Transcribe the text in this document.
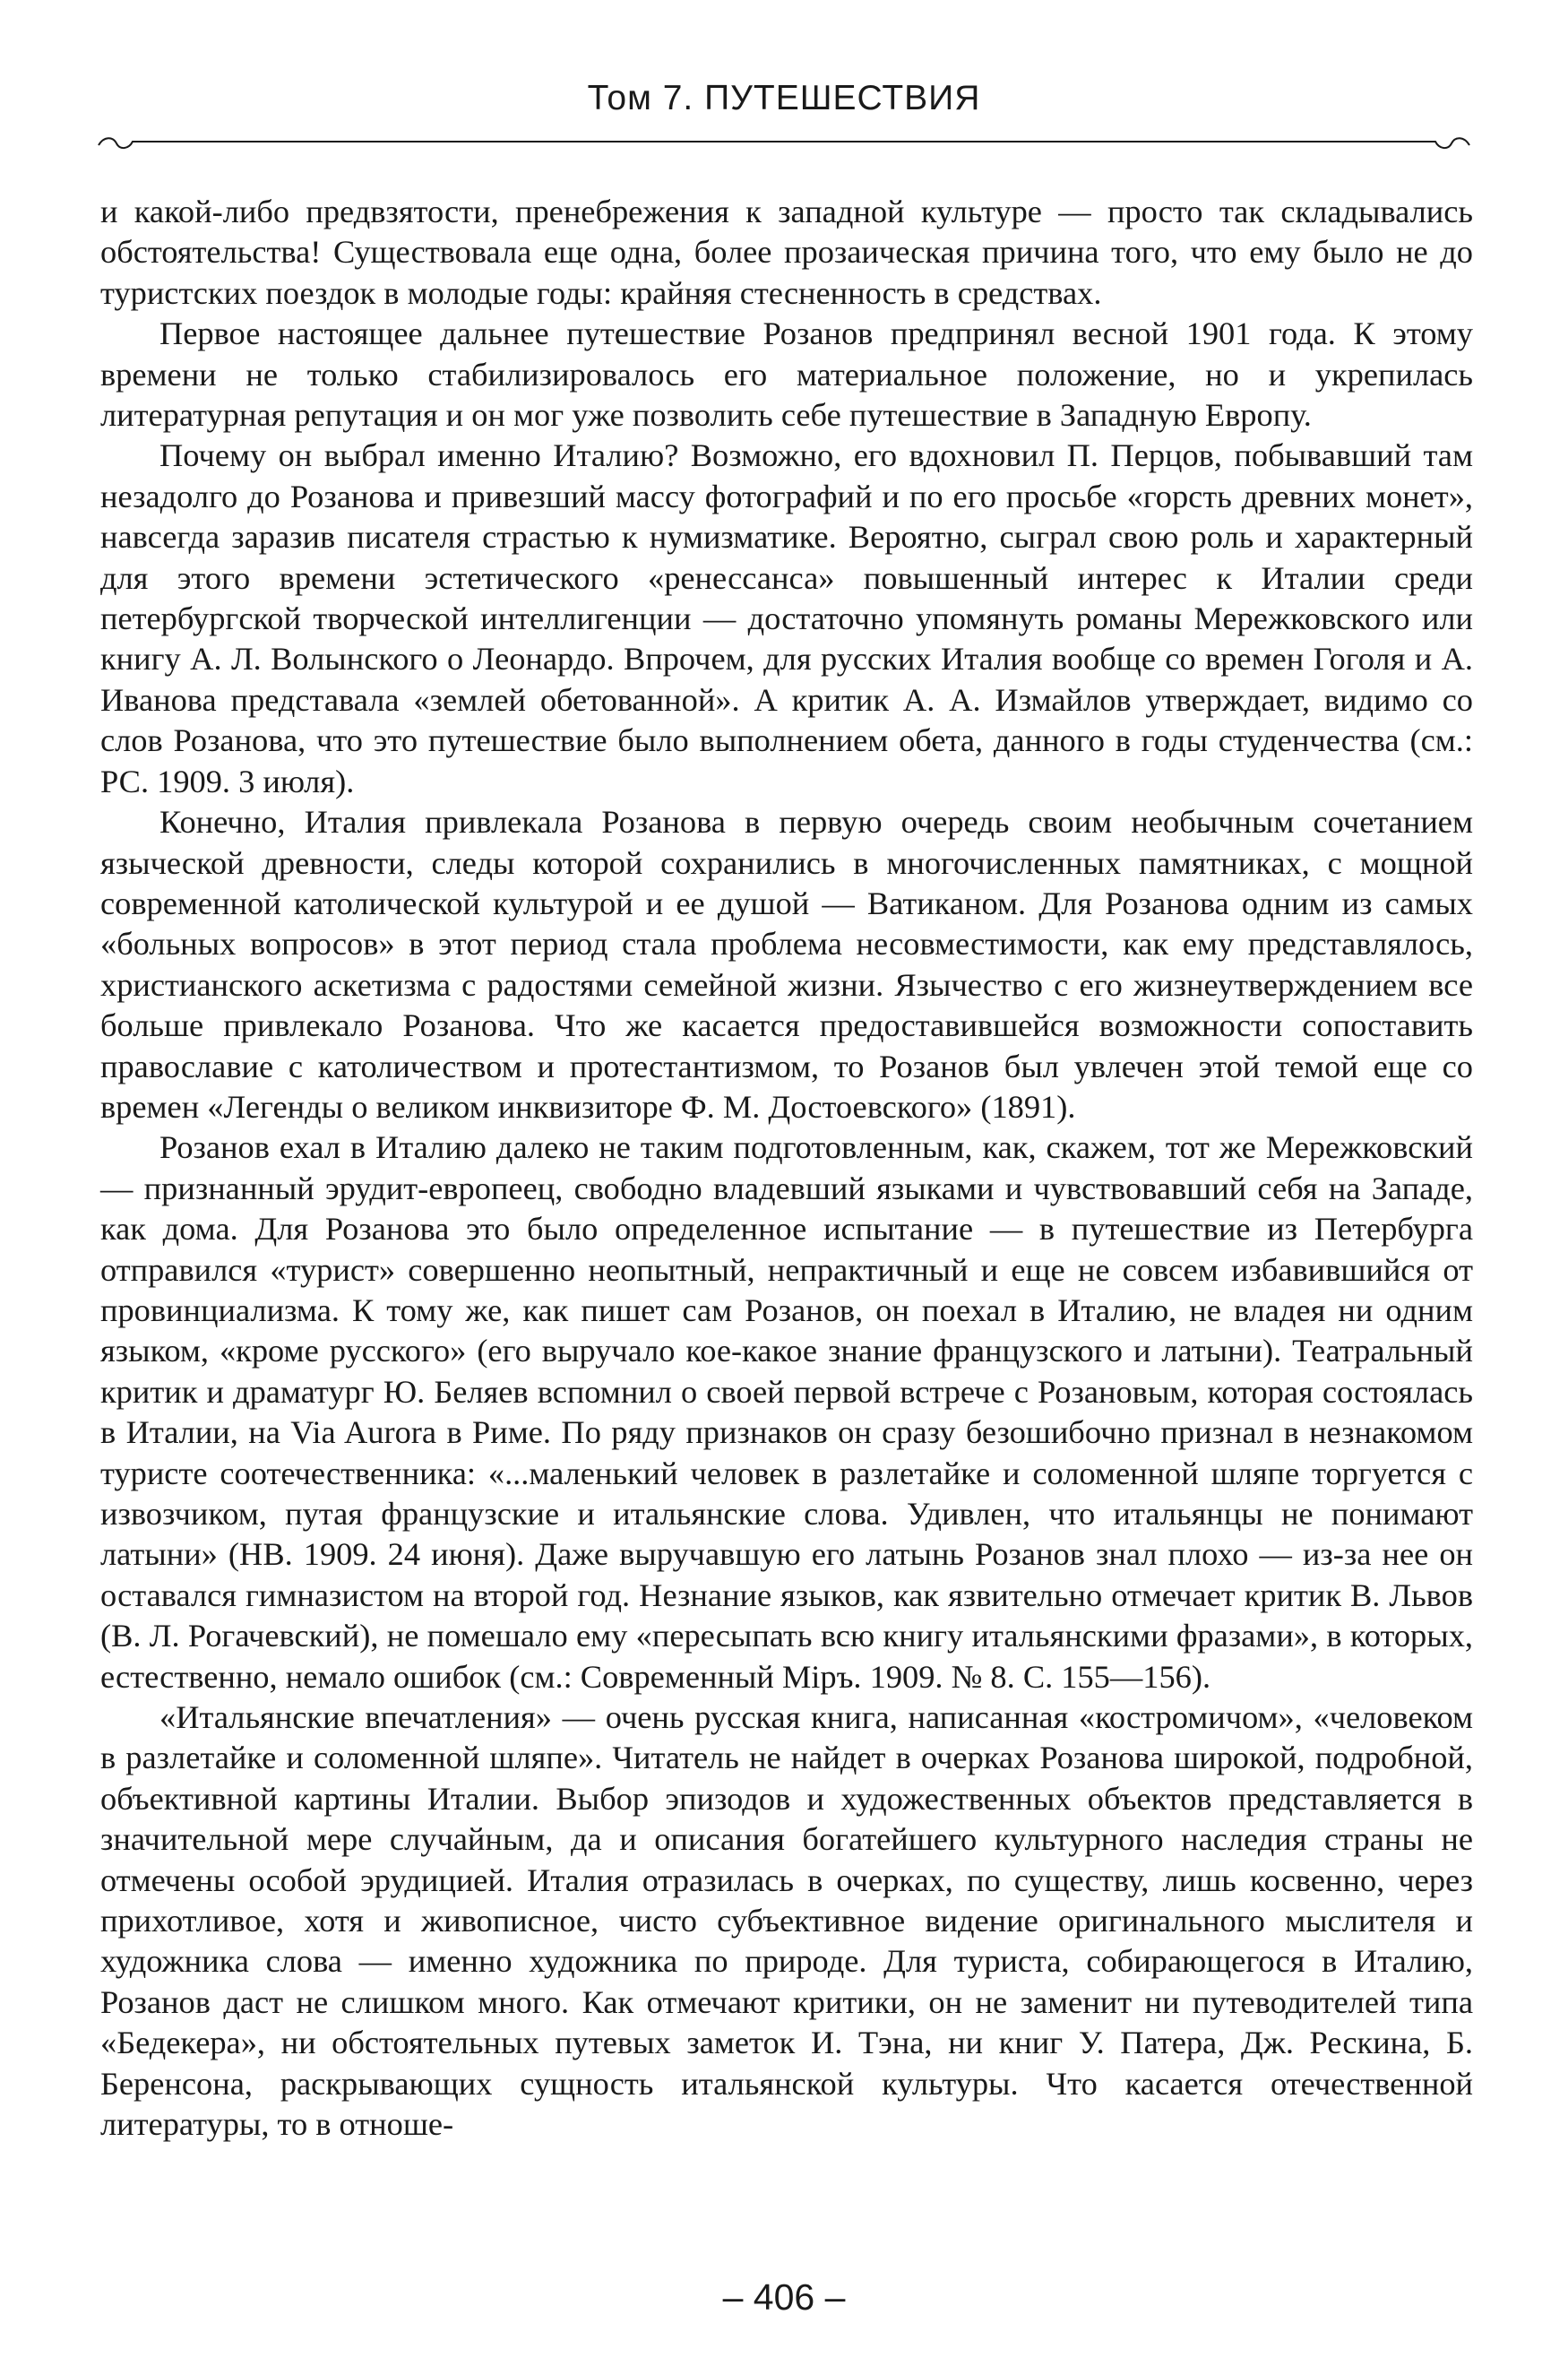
Том 7. ПУТЕШЕСТВИЯ

и какой-либо предвзятости, пренебрежения к западной культуре — просто так складывались обстоятельства! Существовала еще одна, более прозаическая причина того, что ему было не до туристских поездок в молодые годы: крайняя стесненность в средствах.

Первое настоящее дальнее путешествие Розанов предпринял весной 1901 года. К этому времени не только стабилизировалось его материальное положение, но и укрепилась литературная репутация и он мог уже позволить себе путешествие в Западную Европу.

Почему он выбрал именно Италию? Возможно, его вдохновил П. Перцов, побывавший там незадолго до Розанова и привезший массу фотографий и по его просьбе «горсть древних монет», навсегда заразив писателя страстью к нумизматике. Вероятно, сыграл свою роль и характерный для этого времени эстетического «ренессанса» повышенный интерес к Италии среди петербургской творческой интеллигенции — достаточно упомянуть романы Мережковского или книгу А. Л. Волынского о Леонардо. Впрочем, для русских Италия вообще со времен Гоголя и А. Иванова представала «землей обетованной». А критик А. А. Измайлов утверждает, видимо со слов Розанова, что это путешествие было выполнением обета, данного в годы студенчества (см.: РС. 1909. 3 июля).

Конечно, Италия привлекала Розанова в первую очередь своим необычным сочетанием языческой древности, следы которой сохранились в многочисленных памятниках, с мощной современной католической культурой и ее душой — Ватиканом. Для Розанова одним из самых «больных вопросов» в этот период стала проблема несовместимости, как ему представлялось, христианского аскетизма с радостями семейной жизни. Язычество с его жизнеутверждением все больше привлекало Розанова. Что же касается предоставившейся возможности сопоставить православие с католичеством и протестантизмом, то Розанов был увлечен этой темой еще со времен «Легенды о великом инквизиторе Ф. М. Достоевского» (1891).

Розанов ехал в Италию далеко не таким подготовленным, как, скажем, тот же Мережковский — признанный эрудит-европеец, свободно владевший языками и чувствовавший себя на Западе, как дома. Для Розанова это было определенное испытание — в путешествие из Петербурга отправился «турист» совершенно неопытный, непрактичный и еще не совсем избавившийся от провинциализма. К тому же, как пишет сам Розанов, он поехал в Италию, не владея ни одним языком, «кроме русского» (его выручало кое-какое знание французского и латыни). Театральный критик и драматург Ю. Беляев вспомнил о своей первой встрече с Розановым, которая состоялась в Италии, на Via Aurora в Риме. По ряду признаков он сразу безошибочно признал в незнакомом туристе соотечественника: «...маленький человек в разлетайке и соломенной шляпе торгуется с извозчиком, путая французские и итальянские слова. Удивлен, что итальянцы не понимают латыни» (НВ. 1909. 24 июня). Даже выручавшую его латынь Розанов знал плохо — из-за нее он оставался гимназистом на второй год. Незнание языков, как язвительно отмечает критик В. Львов (В. Л. Рогачевский), не помешало ему «пересыпать всю книгу итальянскими фразами», в которых, естественно, немало ошибок (см.: Современный Міръ. 1909. № 8. С. 155—156).

«Итальянские впечатления» — очень русская книга, написанная «костромичом», «человеком в разлетайке и соломенной шляпе». Читатель не найдет в очерках Розанова широкой, подробной, объективной картины Италии. Выбор эпизодов и художественных объектов представляется в значительной мере случайным, да и описания богатейшего культурного наследия страны не отмечены особой эрудицией. Италия отразилась в очерках, по существу, лишь косвенно, через прихотливое, хотя и живописное, чисто субъективное видение оригинального мыслителя и художника слова — именно художника по природе. Для туриста, собирающегося в Италию, Розанов даст не слишком много. Как отмечают критики, он не заменит ни путеводителей типа «Бедекера», ни обстоятельных путевых заметок И. Тэна, ни книг У. Патера, Дж. Рескина, Б. Беренсона, раскрывающих сущность итальянской культуры. Что касается отечественной литературы, то в отноше-

– 406 –
